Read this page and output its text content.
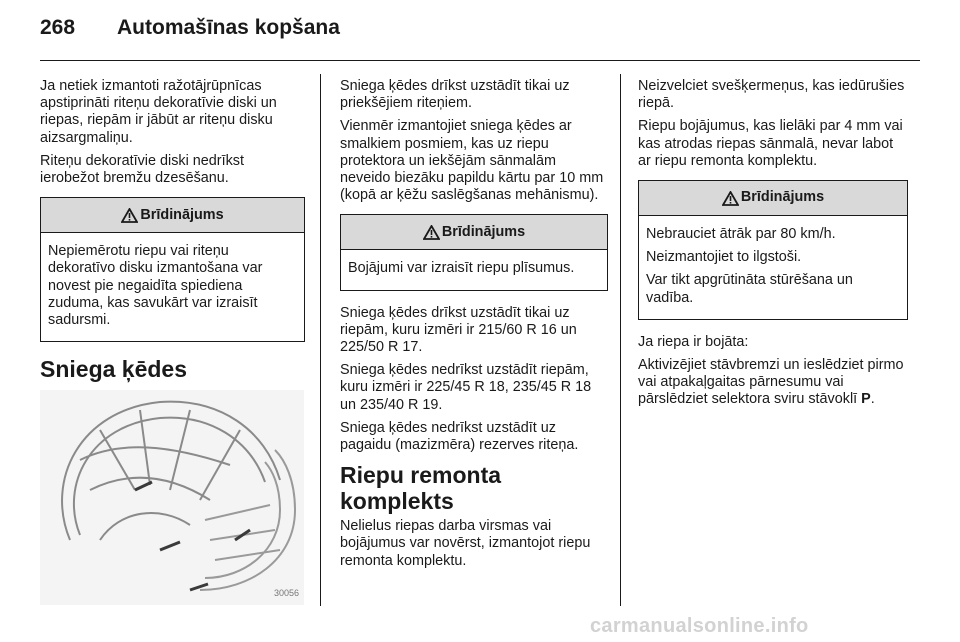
268 Automašīnas kopšana

Ja netiek izmantoti ražotājrūpnīcas apstiprināti riteņu dekoratīvie diski un riepas, riepām ir jābūt ar riteņu disku aizsargmaliņu.

Riteņu dekoratīvie diski nedrīkst ierobežot bremžu dzesēšanu.

Brīdinājums

Nepiemērotu riepu vai riteņu dekoratīvo disku izmantošana var novest pie negaidīta spiediena zuduma, kas savukārt var izraisīt sadursmi.

Sniega ķēdes
30056

Sniega ķēdes drīkst uzstādīt tikai uz priekšējiem riteņiem.

Vienmēr izmantojiet sniega ķēdes ar smalkiem posmiem, kas uz riepu protektora un iekšējām sānmalām neveido biezāku papildu kārtu par 10 mm (kopā ar ķēžu saslēgšanas mehānismu).

Brīdinājums

Bojājumi var izraisīt riepu plīsumus.

Sniega ķēdes drīkst uzstādīt tikai uz riepām, kuru izmēri ir 215/60 R 16 un 225/50 R 17.

Sniega ķēdes nedrīkst uzstādīt riepām, kuru izmēri ir 225/45 R 18, 235/45 R 18 un 235/40 R 19.

Sniega ķēdes nedrīkst uzstādīt uz pagaidu (mazizmēra) rezerves riteņa.

Riepu remonta komplekts

Nelielus riepas darba virsmas vai bojājumus var novērst, izmantojot riepu remonta komplektu.

Neizvelciet svešķermeņus, kas iedūrušies riepā.

Riepu bojājumus, kas lielāki par 4 mm vai kas atrodas riepas sānmalā, nevar labot ar riepu remonta komplektu.

Brīdinājums

Nebrauciet ātrāk par 80 km/h.

Neizmantojiet to ilgstoši.

Var tikt apgrūtināta stūrēšana un vadība.

Ja riepa ir bojāta:

Aktivizējiet stāvbremzi un ieslēdziet pirmo vai atpakaļgaitas pārnesumu vai pārslēdziet selektora sviru stāvoklī P.

carmanualsonline.info
